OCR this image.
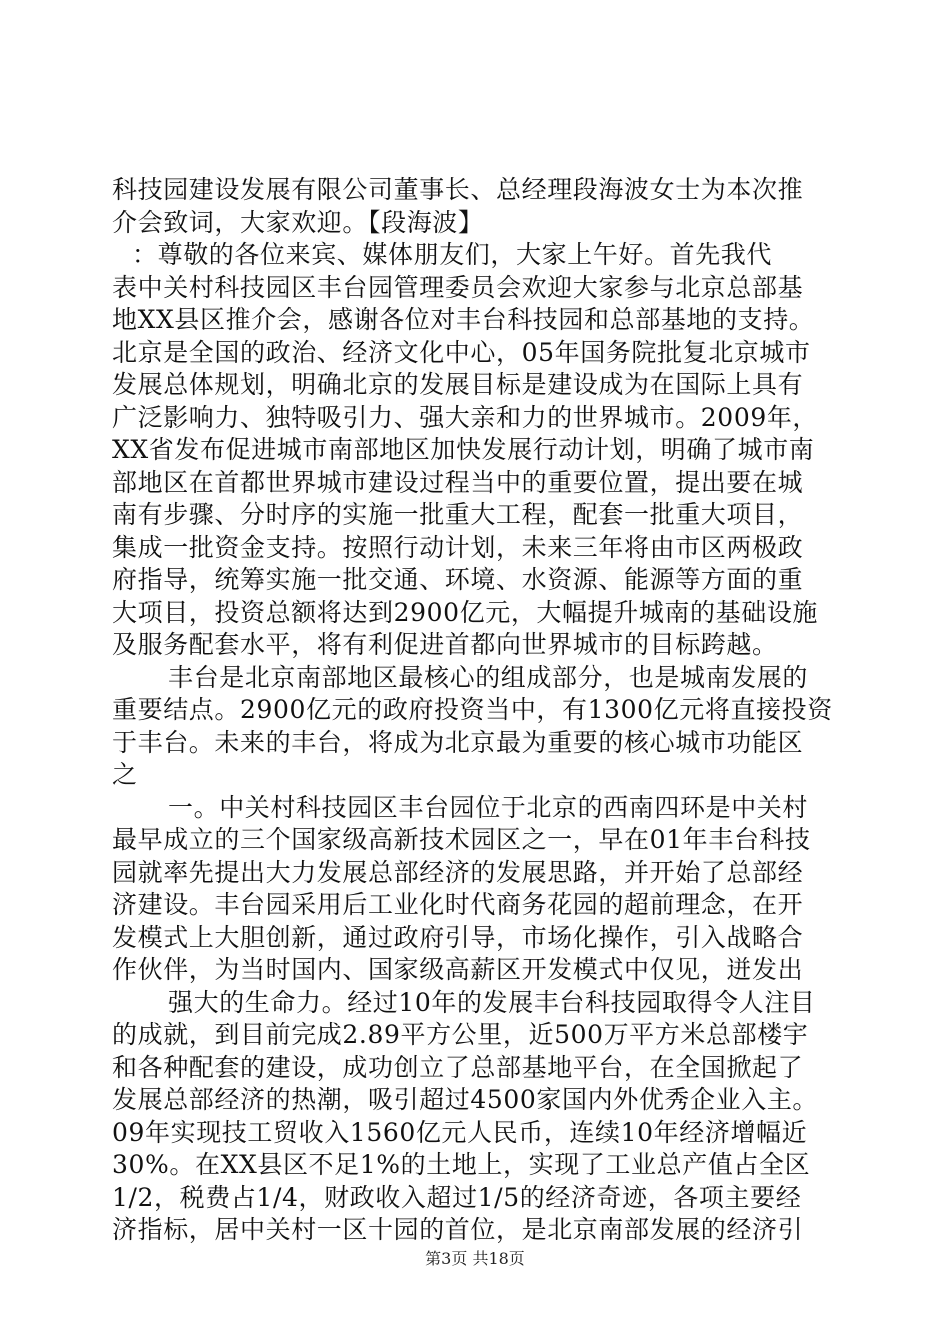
科技园建设发展有限公司董事长、总经理段海波女士为本次推
介会致词，大家欢迎。【段海波】
：尊敬的各位来宾、媒体朋友们，大家上午好。首先我代
表中关村科技园区丰台园管理委员会欢迎大家参与北京总部基
地XX县区推介会，感谢各位对丰台科技园和总部基地的支持。
北京是全国的政治、经济文化中心，05年国务院批复北京城市
发展总体规划，明确北京的发展目标是建设成为在国际上具有
广泛影响力、独特吸引力、强大亲和力的世界城市。2009年，
XX省发布促进城市南部地区加快发展行动计划，明确了城市南
部地区在首都世界城市建设过程当中的重要位置，提出要在城
南有步骤、分时序的实施一批重大工程，配套一批重大项目，
集成一批资金支持。按照行动计划，未来三年将由市区两极政
府指导，统筹实施一批交通、环境、水资源、能源等方面的重
大项目，投资总额将达到2900亿元，大幅提升城南的基础设施
及服务配套水平，将有利促进首都向世界城市的目标跨越。
丰台是北京南部地区最核心的组成部分，也是城南发展的
重要结点。2900亿元的政府投资当中，有1300亿元将直接投资
于丰台。未来的丰台，将成为北京最为重要的核心城市功能区
之
一。中关村科技园区丰台园位于北京的西南四环是中关村
最早成立的三个国家级高新技术园区之一，早在01年丰台科技
园就率先提出大力发展总部经济的发展思路，并开始了总部经
济建设。丰台园采用后工业化时代商务花园的超前理念，在开
发模式上大胆创新，通过政府引导，市场化操作，引入战略合
作伙伴，为当时国内、国家级高薪区开发模式中仅见，迸发出
强大的生命力。经过10年的发展丰台科技园取得令人注目
的成就，到目前完成2.89平方公里，近500万平方米总部楼宇
和各种配套的建设，成功创立了总部基地平台，在全国掀起了
发展总部经济的热潮，吸引超过4500家国内外优秀企业入主。
09年实现技工贸收入1560亿元人民币，连续10年经济增幅近
30%。在XX县区不足1%的土地上，实现了工业总产值占全区
1/2，税费占1/4，财政收入超过1/5的经济奇迹，各项主要经
济指标，居中关村一区十园的首位，是北京南部发展的经济引
第3页 共18页
